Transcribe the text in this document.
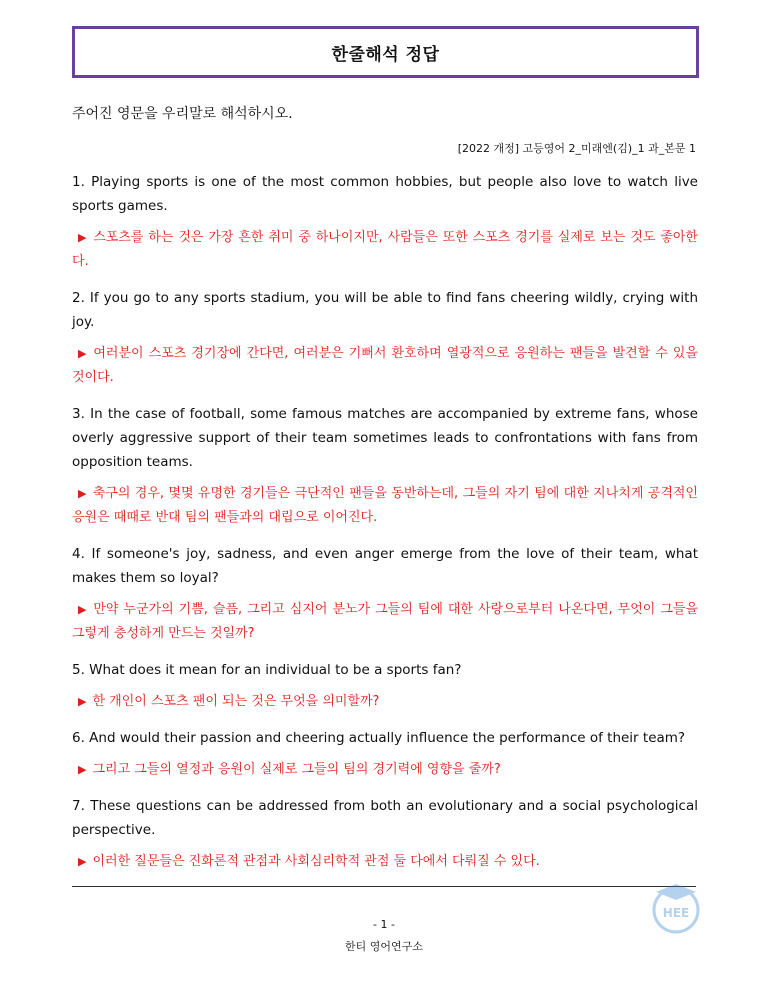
한줄해석 정답
주어진 영문을 우리말로 해석하시오.
[2022 개정] 고등영어 2_미래엔(김)_1 과_본문 1

1. Playing sports is one of the most common hobbies, but people also love to watch live sports games.

▶ 스포츠를 하는 것은 가장 흔한 취미 중 하나이지만, 사람들은 또한 스포츠 경기를 실제로 보는 것도 좋아한다.

2. If you go to any sports stadium, you will be able to find fans cheering wildly, crying with joy.

▶ 여러분이 스포츠 경기장에 간다면, 여러분은 기뻐서 환호하며 열광적으로 응원하는 팬들을 발견할 수 있을 것이다.

3. In the case of football, some famous matches are accompanied by extreme fans, whose overly aggressive support of their team sometimes leads to confrontations with fans from opposition teams.

▶ 축구의 경우, 몇몇 유명한 경기들은 극단적인 팬들을 동반하는데, 그들의 자기 팀에 대한 지나치게 공격적인 응원은 때때로 반대 팀의 팬들과의 대립으로 이어진다.

4. If someone's joy, sadness, and even anger emerge from the love of their team, what makes them so loyal?

▶ 만약 누군가의 기쁨, 슬픔, 그리고 심지어 분노가 그들의 팀에 대한 사랑으로부터 나온다면, 무엇이 그들을 그렇게 충성하게 만드는 것일까?

5. What does it mean for an individual to be a sports fan?

▶ 한 개인이 스포츠 팬이 되는 것은 무엇을 의미할까?

6. And would their passion and cheering actually influence the performance of their team?

▶ 그리고 그들의 열정과 응원이 실제로 그들의 팀의 경기력에 영향을 줄까?

7. These questions can be addressed from both an evolutionary and a social psychological perspective.

▶ 이러한 질문들은 진화론적 관점과 사회심리학적 관점 둘 다에서 다뤄질 수 있다.

HEE
- 1 -
한티 영어연구소
